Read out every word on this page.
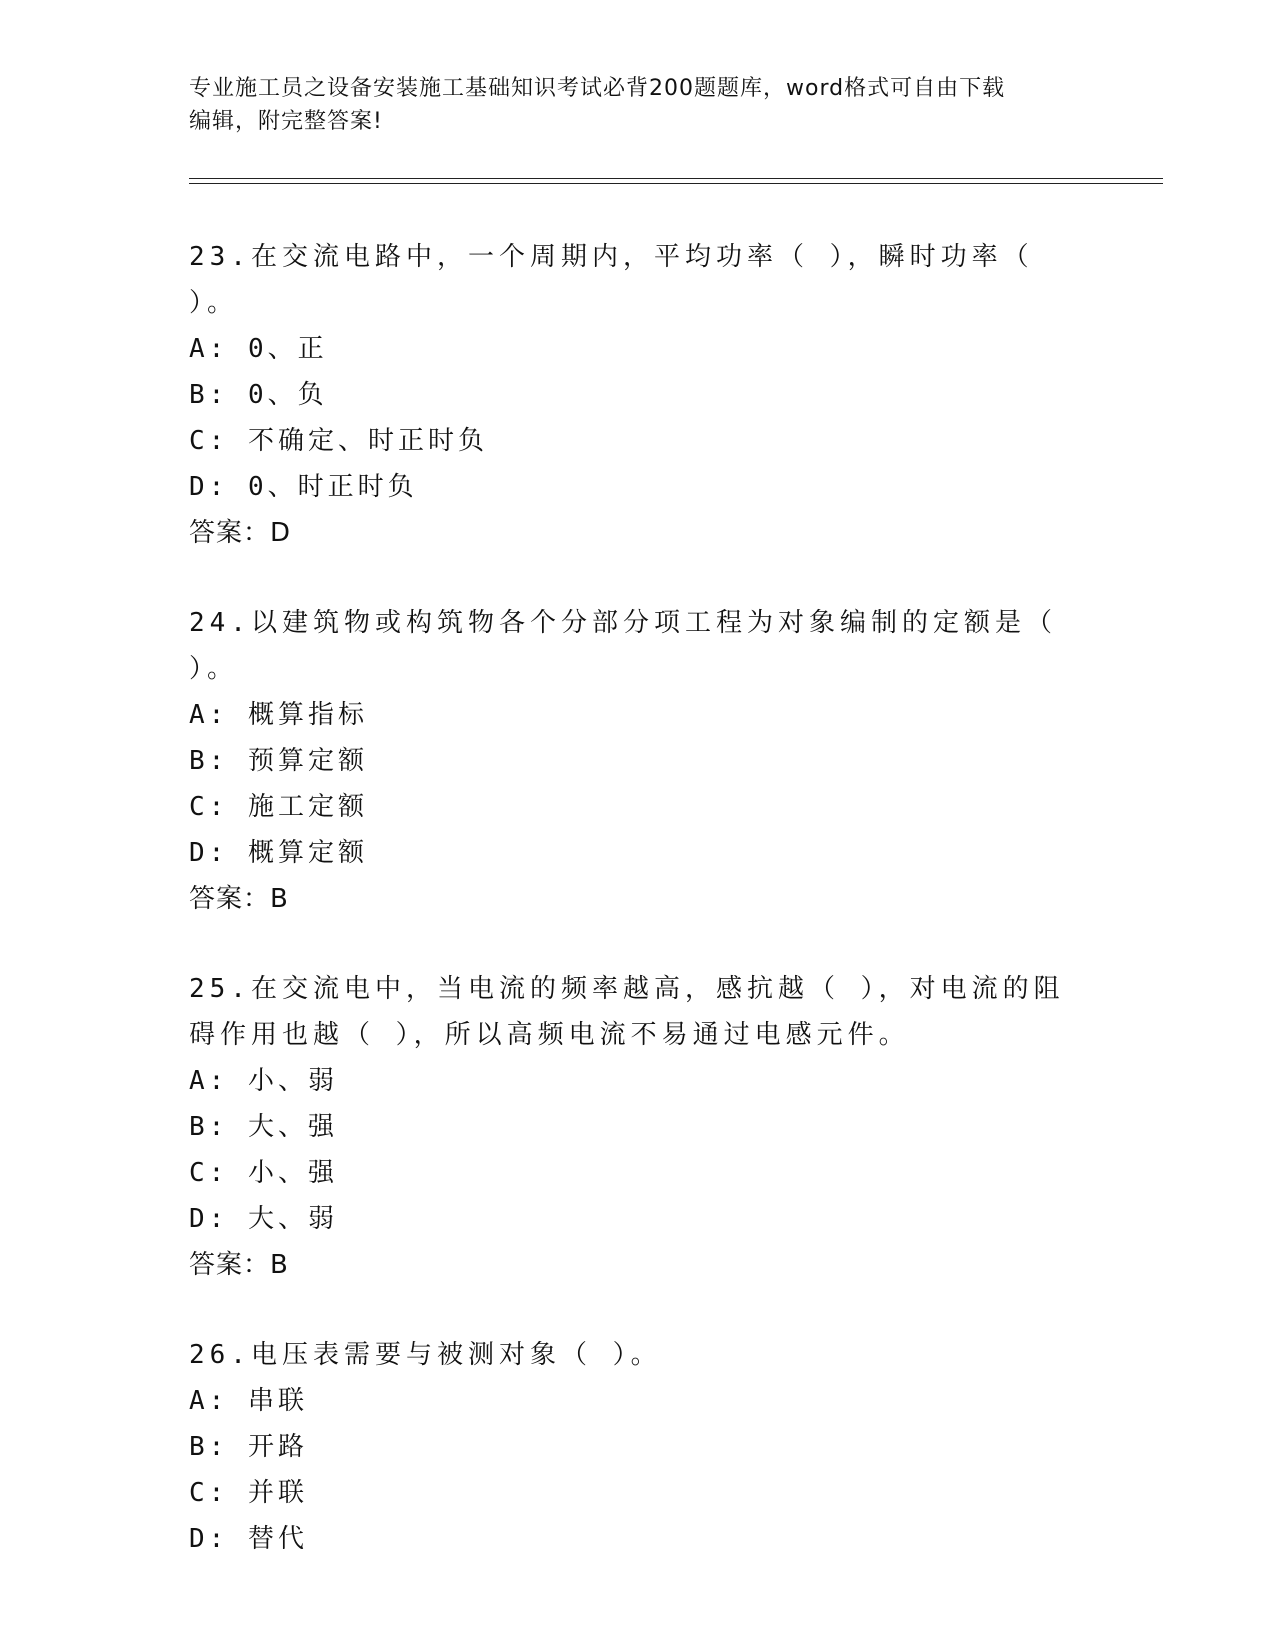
专业施工员之设备安装施工基础知识考试必背200题题库，word格式可自由下载
编辑，附完整答案!
23.在交流电路中，一个周期内，平均功率（ ），瞬时功率（ ）。
A: 0、正
B: 0、负
C: 不确定、时正时负
D: 0、时正时负
答案：D
24.以建筑物或构筑物各个分部分项工程为对象编制的定额是（ ）。
A: 概算指标
B: 预算定额
C: 施工定额
D: 概算定额
答案：B
25.在交流电中，当电流的频率越高，感抗越（ ），对电流的阻碍作用也越（ ），所以高频电流不易通过电感元件。
A: 小、弱
B: 大、强
C: 小、强
D: 大、弱
答案：B
26.电压表需要与被测对象（ ）。
A: 串联
B: 开路
C: 并联
D: 替代
